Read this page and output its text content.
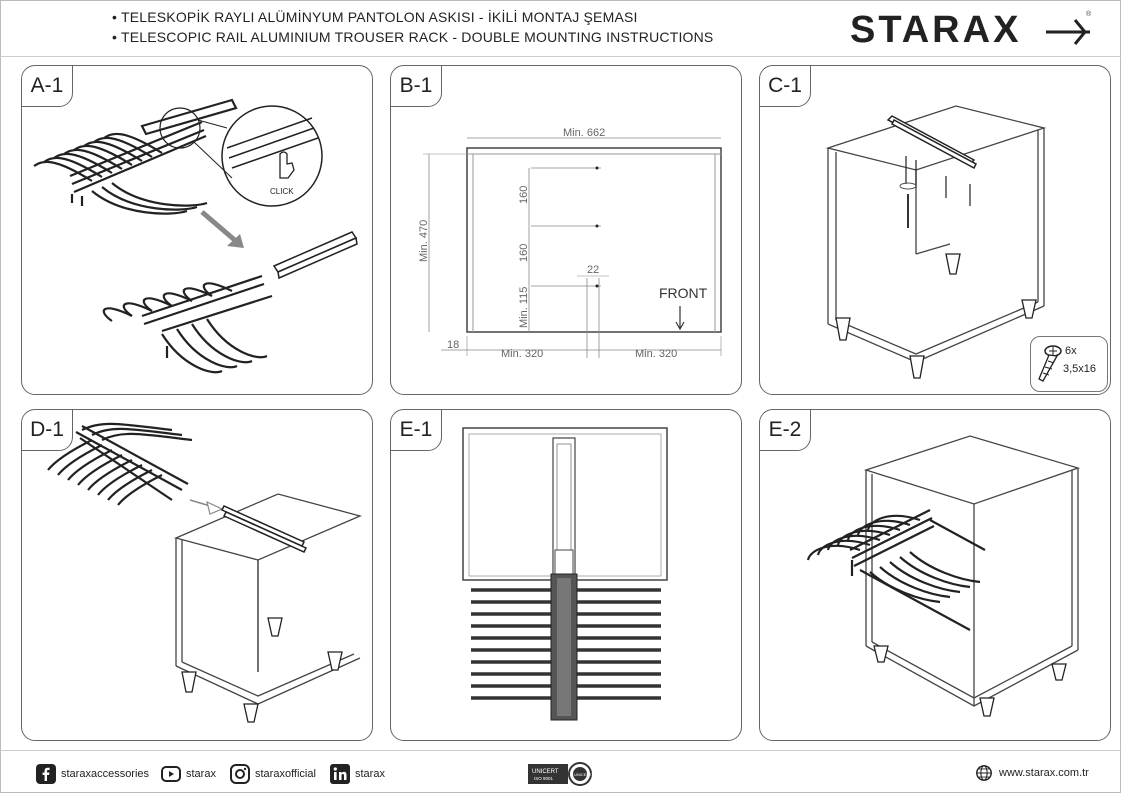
• TELESKOPİK RAYLI ALÜMİNYUM PANTOLON ASKISI - İKİLİ MONTAJ ŞEMASI
• TELESCOPIC RAIL ALUMINIUM TROUSER RACK - DOUBLE MOUNTING INSTRUCTIONS	STARAX	®
CLICK
A-1
Min. 662
Min. 470
160
160
Min. 115
22
FRONT
18
Min. 320	Min. 320
B-1
6x
3,5x16
C-1
D-1	E-1	E-2
staraxaccessories	starax	staraxofficial	starax	UNICERT
ISO 9001
UNICERT	www.starax.com.tr
